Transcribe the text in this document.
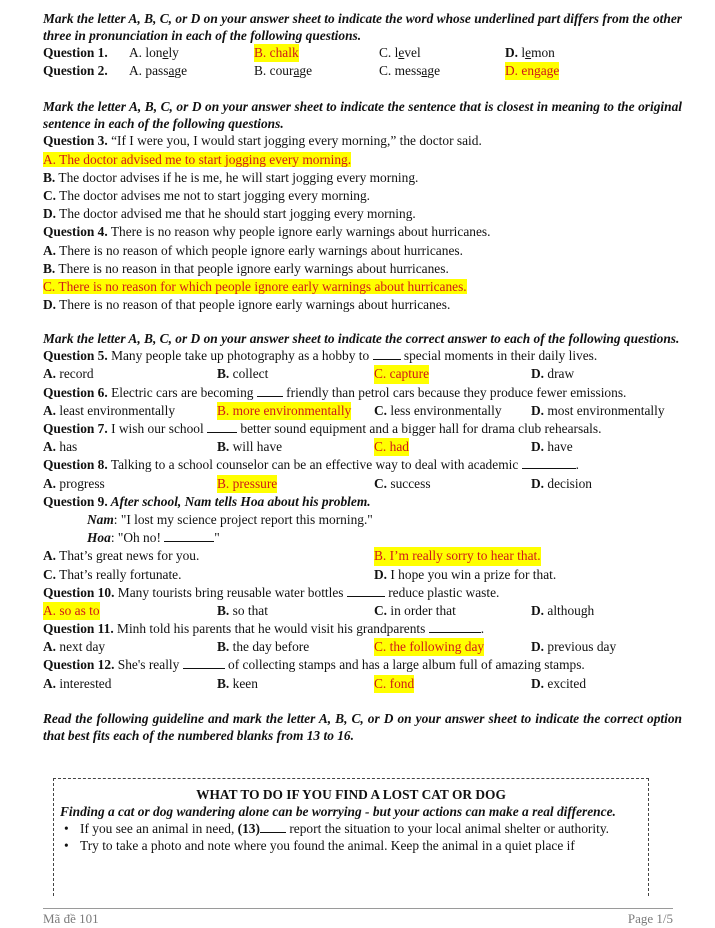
Mark the letter A, B, C, or D on your answer sheet to indicate the word whose underlined part differs from the other three in pronunciation in each of the following questions.

Question 1. A. lonely	B. chalk	C. level	D. lemon
Question 2. A. passage	B. courage	C. message	D. engage

Mark the letter A, B, C, or D on your answer sheet to indicate the sentence that is closest in meaning to the original sentence in each of the following questions.

Question 3. “If I were you, I would start jogging every morning,” the doctor said.
A. The doctor advised me to start jogging every morning.
B. The doctor advises if he is me, he will start jogging every morning.
C. The doctor advises me not to start jogging every morning.
D. The doctor advised me that he should start jogging every morning.
Question 4. There is no reason why people ignore early warnings about hurricanes.
A. There is no reason of which people ignore early warnings about hurricanes.
B. There is no reason in that people ignore early warnings about hurricanes.
C. There is no reason for which people ignore early warnings about hurricanes.
D. There is no reason of that people ignore early warnings about hurricanes.

Mark the letter A, B, C, or D on your answer sheet to indicate the correct answer to each of the following questions.

Question 5. Many people take up photography as a hobby to  special moments in their daily lives.
A. record	B. collect	C. capture	D. draw
Question 6. Electric cars are becoming  friendly than petrol cars because they produce fewer emissions.
A. least environmentally	B. more environmentally C. less environmentally D. most environmentally
Question 7. I wish our school  better sound equipment and a bigger hall for drama club rehearsals.
A. has	B. will have	C. had	D. have
Question 8. Talking to a school counselor can be an effective way to deal with academic	.
A. progress	B. pressure	C. success	D. decision
Question 9. After school, Nam tells Hoa about his problem.
Nam: "I lost my science project report this morning."
Hoa: "Oh no!	"
A. That’s great news for you.	B. I’m really sorry to hear that.
C. That’s really fortunate.	D. I hope you win a prize for that.
Question 10. Many tourists bring reusable water bottles	reduce plastic waste.
A. so as to	B. so that	C. in order that	D. although
Question 11. Minh told his parents that he would visit his grandparents	.
A. next day	B. the day before	C. the following day	D. previous day
Question 12. She's really	of collecting stamps and has a large album full of amazing stamps.
A. interested	B. keen	C. fond	D. excited

Read the following guideline and mark the letter A, B, C, or D on your answer sheet to indicate the correct option that best fits each of the numbered blanks from 13 to 16.

WHAT TO DO IF YOU FIND A LOST CAT OR DOG
Finding a cat or dog wandering alone can be worrying - but your actions can make a real difference.
• If you see an animal in need, (13) report the situation to your local animal shelter or authority.
• Try to take a photo and note where you found the animal. Keep the animal in a quiet place if
Mã đề 101	Page 1/5
